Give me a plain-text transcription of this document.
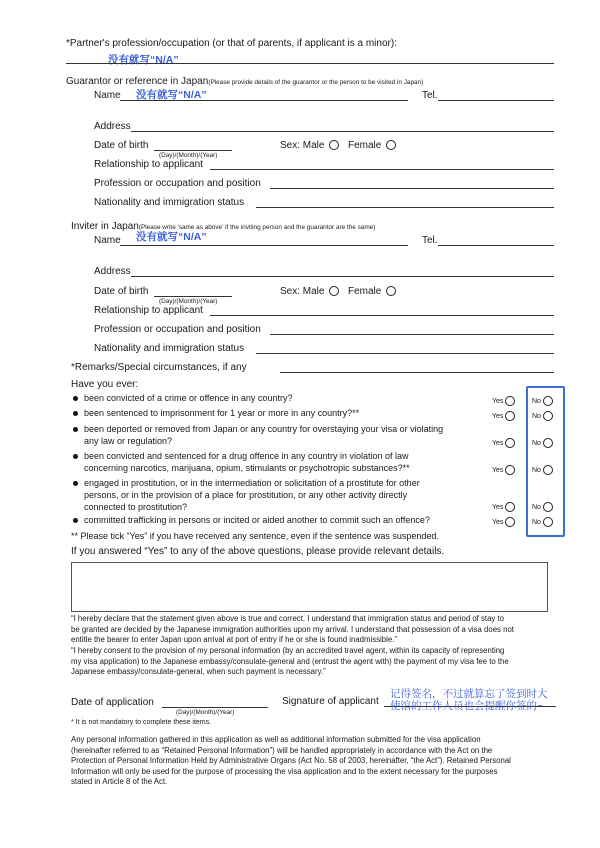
*Partner's profession/occupation (or that of parents, if applicant is a minor):
没有就写“N/A”
Guarantor or reference in Japan(Please provide details of the guarantor or the person to be visited in Japan)
Name 没有就写“N/A”	Tel.
Address
Date of birth
(Day)/(Month)/(Year)
Sex: Male	Female
Relationship to applicant
Profession or occupation and position
Nationality and immigration status
Inviter in Japan(Please write 'same as above' if the inviting person and the guarantor are the same)
Name 没有就写“N/A”	Tel.
Address
Date of birth
(Day)/(Month)/(Year)
Sex: Male	Female
Relationship to applicant
Profession or occupation and position
Nationality and immigration status
*Remarks/Special circumstances, if any
Have you ever:
been convicted of a crime or offence in any country?	Yes	No
been sentenced to imprisonment for 1 year or more in any country?**	Yes	No
been deported or removed from Japan or any country for overstaying your visa or violating
any law or regulation?	Yes	No
been convicted and sentenced for a drug offence in any country in violation of law
concerning narcotics, marijuana, opium, stimulants or psychotropic substances?**	Yes	No
engaged in prostitution, or in the intermediation or solicitation of a prostitute for other
persons, or in the provision of a place for prostitution, or any other activity directly
connected to prostitution?	Yes	No
committed trafficking in persons or incited or aided another to commit such an offence?	Yes	No
** Please tick “Yes” if you have received any sentence, even if the sentence was suspended.
If you answered “Yes” to any of the above questions, please provide relevant details.
“I hereby declare that the statement given above is true and correct. I understand that immigration status and period of stay to
be granted are decided by the Japanese immigration authorities upon my arrival. I understand that possession of a visa does not
entitle the bearer to enter Japan upon arrival at port of entry if he or she is found inadmissible.”
“I hereby consent to the provision of my personal information (by an accredited travel agent, within its capacity of representing
my visa application) to the Japanese embassy/consulate-general and (entrust the agent with) the payment of my visa fee to the
Japanese embassy/consulate-general, when such payment is necessary.”
Date of application
(Day)/(Month)/(Year)
Signature of applicant
记得签名，不过就算忘了签到时大
使馆的工作人员也会提醒你签的~
* It is not mandatory to complete these items.
Any personal information gathered in this application as well as additional information submitted for the visa application
(hereinafter referred to as “Retained Personal Information”) will be handled appropriately in accordance with the Act on the
Protection of Personal Information Held by Administrative Organs (Act No. 58 of 2003, hereinafter, “the Act”). Retained Personal
Information will only be used for the purpose of processing the visa application and to the extent necessary for the purposes
stated in Article 8 of the Act.
